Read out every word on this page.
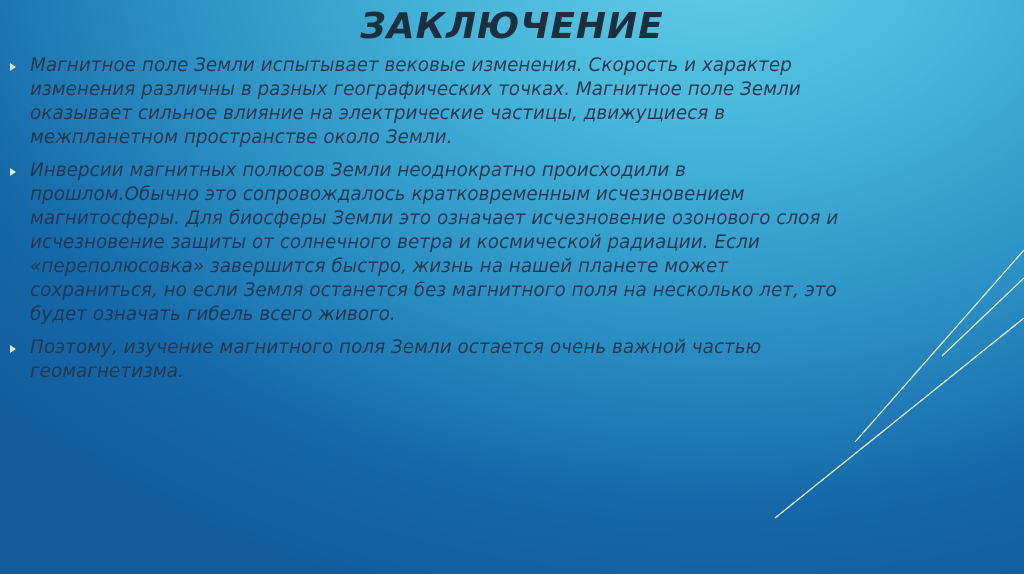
ЗАКЛЮЧЕНИЕ
Магнитное поле Земли испытывает вековые изменения. Скорость и характер изменения различны в разных географических точках. Магнитное поле Земли оказывает сильное влияние на электрические частицы, движущиеся в межпланетном пространстве около Земли.
Инверсии магнитных полюсов Земли неоднократно происходили в прошлом.Обычно это сопровождалось кратковременным исчезновением магнитосферы. Для биосферы Земли это означает исчезновение озонового слоя и исчезновение защиты от солнечного ветра и космической радиации. Если «переполюсовка» завершится быстро, жизнь на нашей планете может сохраниться, но если Земля останется без магнитного поля на несколько лет, это будет означать гибель всего живого.
Поэтому, изучение магнитного поля Земли остается очень важной частью геомагнетизма.
